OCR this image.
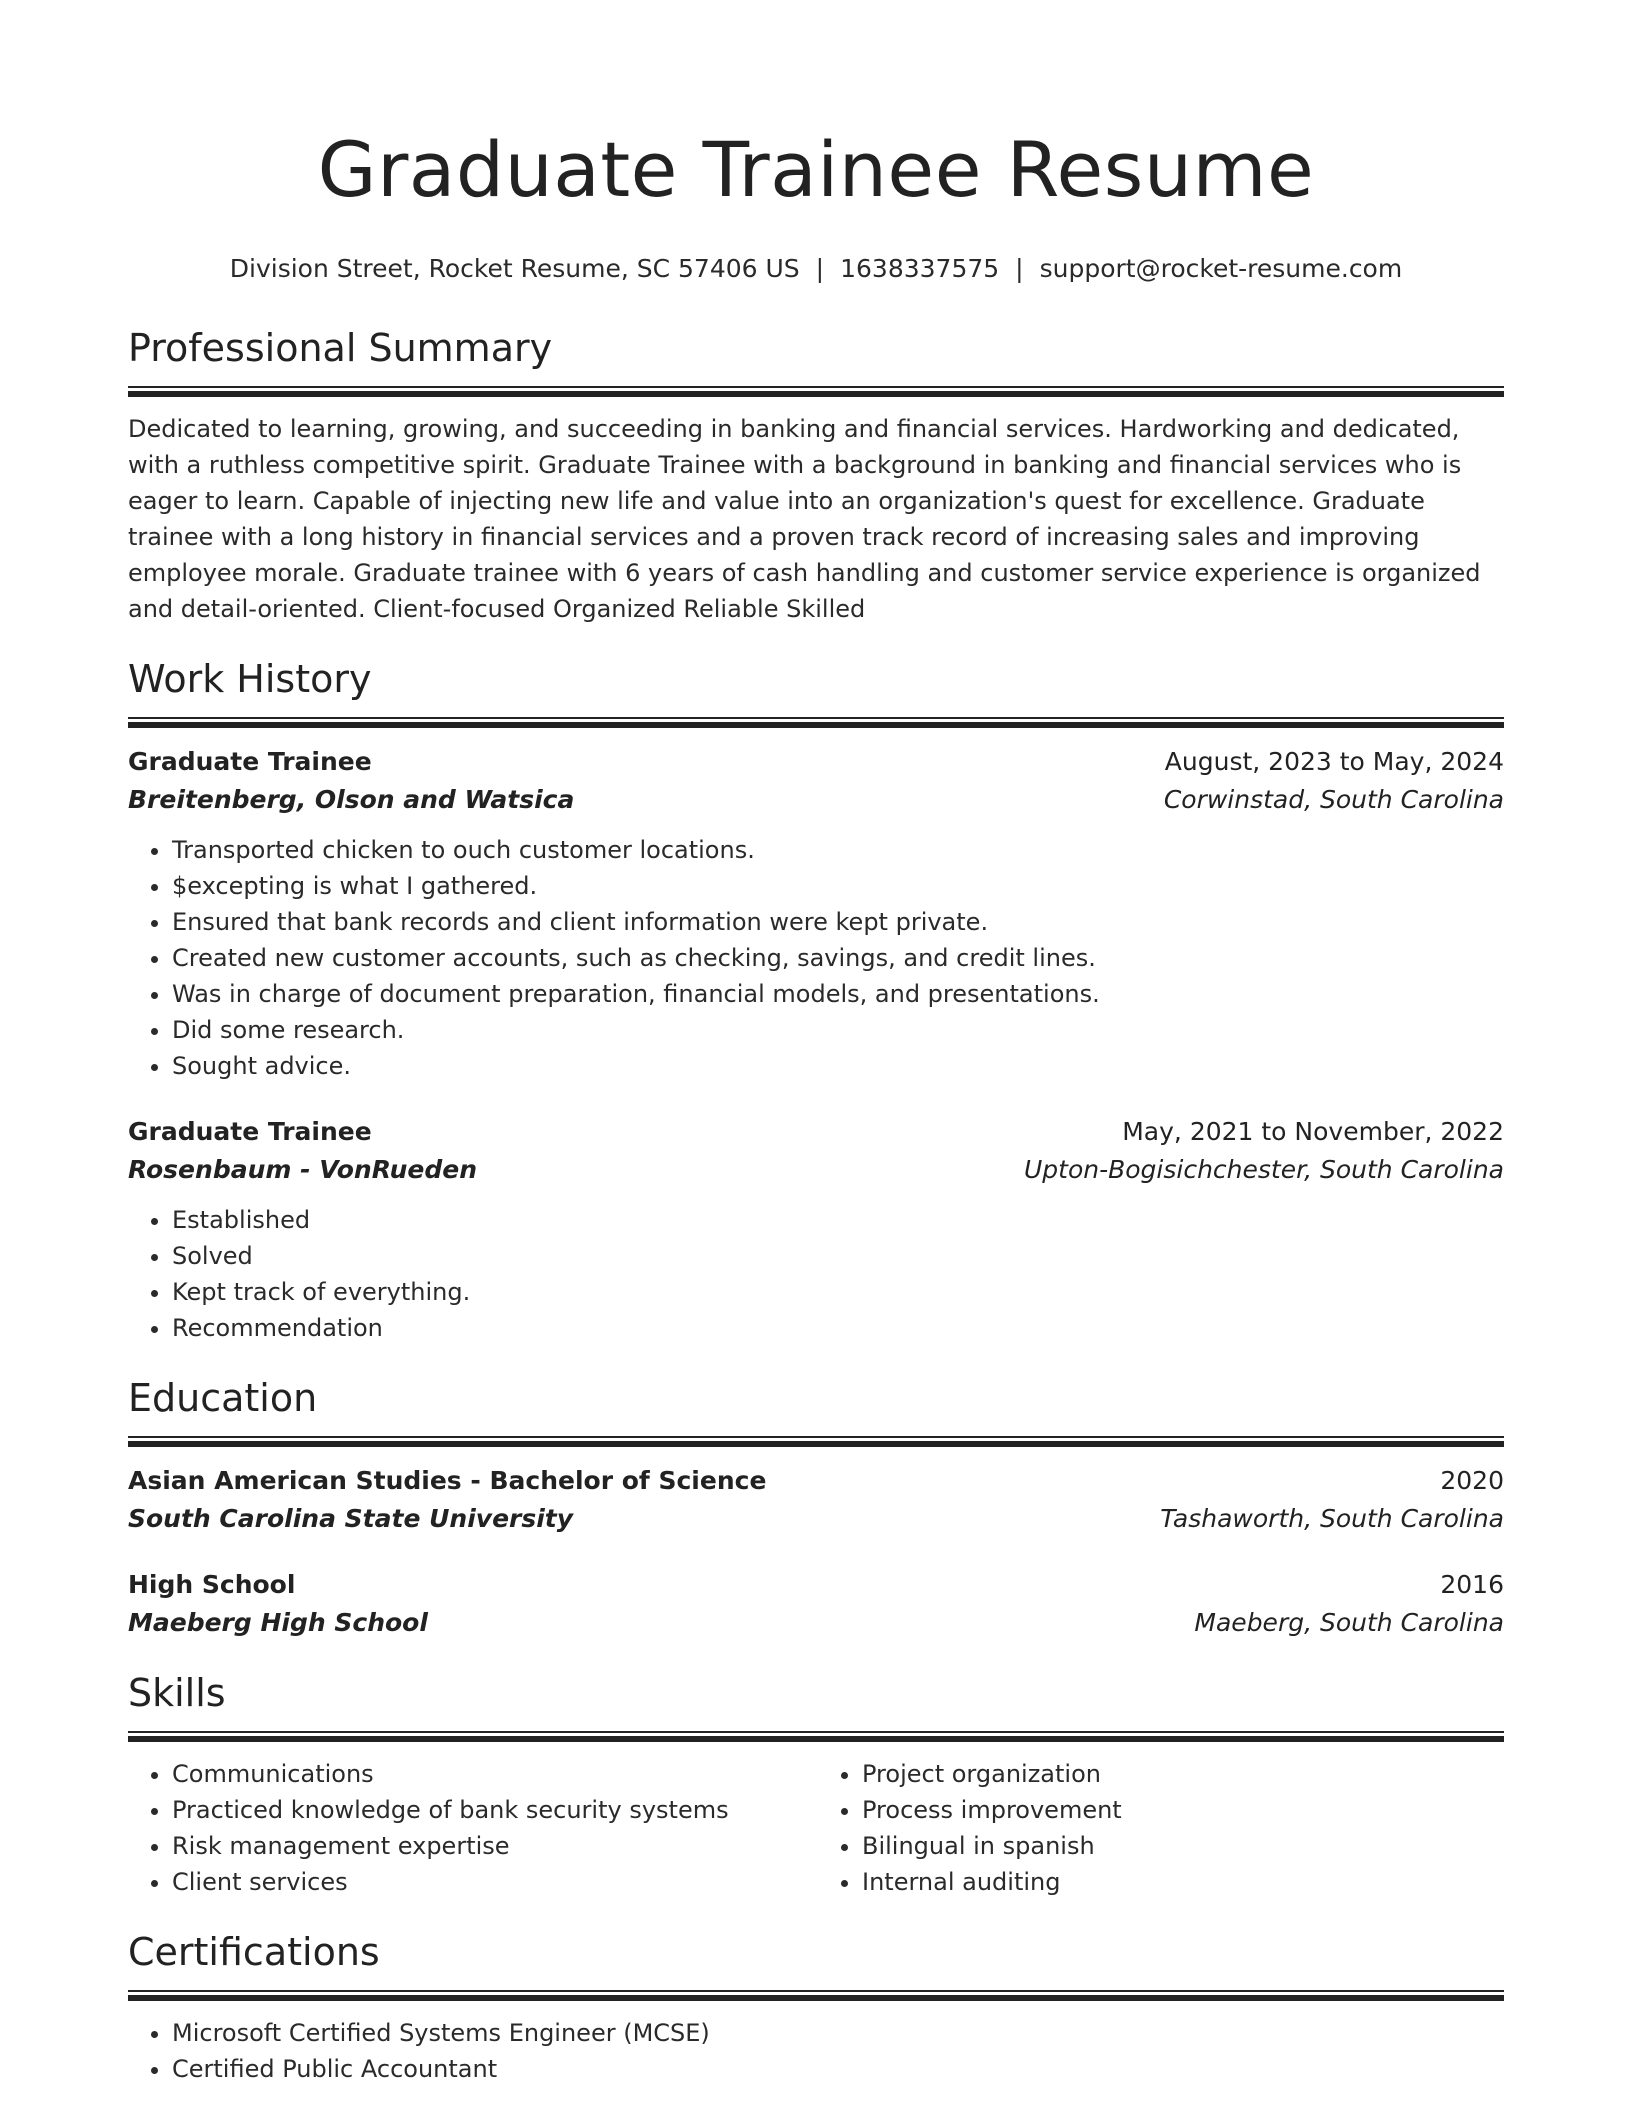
Graduate Trainee Resume
Division Street, Rocket Resume, SC 57406 US | 1638337575 | support@rocket-resume.com
Professional Summary

Dedicated to learning, growing, and succeeding in banking and financial services. Hardworking and dedicated, with a ruthless competitive spirit. Graduate Trainee with a background in banking and financial services who is eager to learn. Capable of injecting new life and value into an organization's quest for excellence. Graduate trainee with a long history in financial services and a proven track record of increasing sales and improving employee morale. Graduate trainee with 6 years of cash handling and customer service experience is organized and detail-oriented. Client-focused Organized Reliable Skilled

Work History
Graduate Trainee	August, 2023 to May, 2024
Breitenberg, Olson and Watsica	Corwinstad, South Carolina
• Transported chicken to ouch customer locations.
• $excepting is what I gathered.
• Ensured that bank records and client information were kept private.
• Created new customer accounts, such as checking, savings, and credit lines.
• Was in charge of document preparation, financial models, and presentations.
• Did some research.
• Sought advice.
Graduate Trainee	May, 2021 to November, 2022
Rosenbaum - VonRueden	Upton-Bogisichchester, South Carolina
• Established
• Solved
• Kept track of everything.
• Recommendation
Education
Asian American Studies - Bachelor of Science	2020
South Carolina State University	Tashaworth, South Carolina
High School	2016
Maeberg High School	Maeberg, South Carolina
Skills
• Communications
• Practiced knowledge of bank security systems
• Risk management expertise
• Client services
• Project organization
• Process improvement
• Bilingual in spanish
• Internal auditing
Certifications
• Microsoft Certified Systems Engineer (MCSE)
• Certified Public Accountant
